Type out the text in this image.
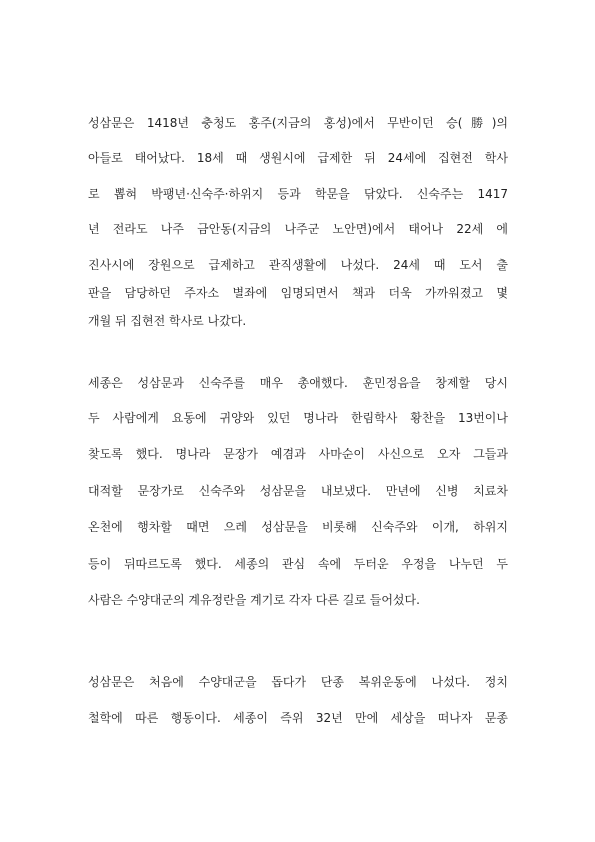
성삼문은 1418년 충청도 홍주(지금의 홍성)에서 무반이던 승(勝)의
아들로 태어났다. 18세 때 생원시에 급제한 뒤 24세에 집현전 학사
로 뽑혀 박팽년·신숙주·하위지 등과 학문을 닦았다. 신숙주는 1417
년 전라도 나주 금안동(지금의 나주군 노안면)에서 태어나 22세 에
진사시에 장원으로 급제하고 관직생활에 나섰다. 24세 때 도서 출
판을 담당하던 주자소 별좌에 임명되면서 책과 더욱 가까워졌고 몇
개월 뒤 집현전 학사로 나갔다.
세종은 성삼문과 신숙주를 매우 총애했다. 훈민정음을 창제할 당시
두 사람에게 요동에 귀양와 있던 명나라 한림학사 황찬을 13번이나
찾도록 했다. 명나라 문장가 예겸과 사마순이 사신으로 오자 그들과
대적할 문장가로 신숙주와 성삼문을 내보냈다. 만년에 신병 치료차
온천에 행차할 때면 으레 성삼문을 비롯해 신숙주와 이개, 하위지
등이 뒤따르도록 했다. 세종의 관심 속에 두터운 우정을 나누던 두
사람은 수양대군의 계유정란을 계기로 각자 다른 길로 들어섰다.
성삼문은 처음에 수양대군을 돕다가 단종 복위운동에 나섰다. 정치
철학에 따른 행동이다. 세종이 즉위 32년 만에 세상을 떠나자 문종
